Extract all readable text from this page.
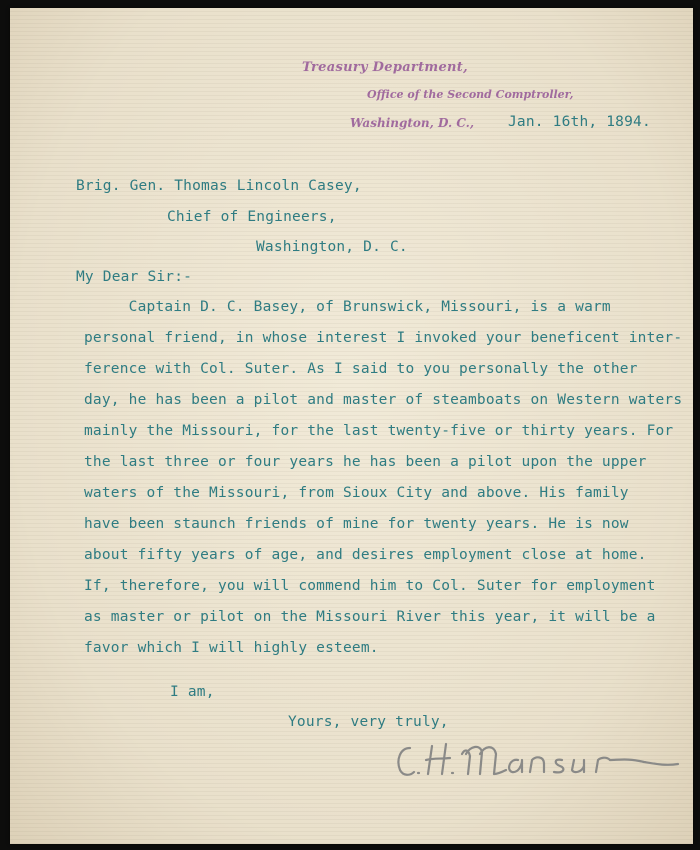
Treasury Department,
Office of the Second Comptroller,
Washington, D. C., Jan. 16th, 1894.
Brig. Gen. Thomas Lincoln Casey,
Chief of Engineers,
Washington, D. C.
My Dear Sir:-
Captain D. C. Basey, of Brunswick, Missouri, is a warm
personal friend, in whose interest I invoked your beneficent inter-
ference with Col. Suter. As I said to you personally the other
day, he has been a pilot and master of steamboats on Western waters
mainly the Missouri, for the last twenty-five or thirty years. For
the last three or four years he has been a pilot upon the upper
waters of the Missouri, from Sioux City and above. His family
have been staunch friends of mine for twenty years. He is now
about fifty years of age, and desires employment close at home.
If, therefore, you will commend him to Col. Suter for employment
as master or pilot on the Missouri River this year, it will be a
favor which I will highly esteem.
I am,
Yours, very truly,
